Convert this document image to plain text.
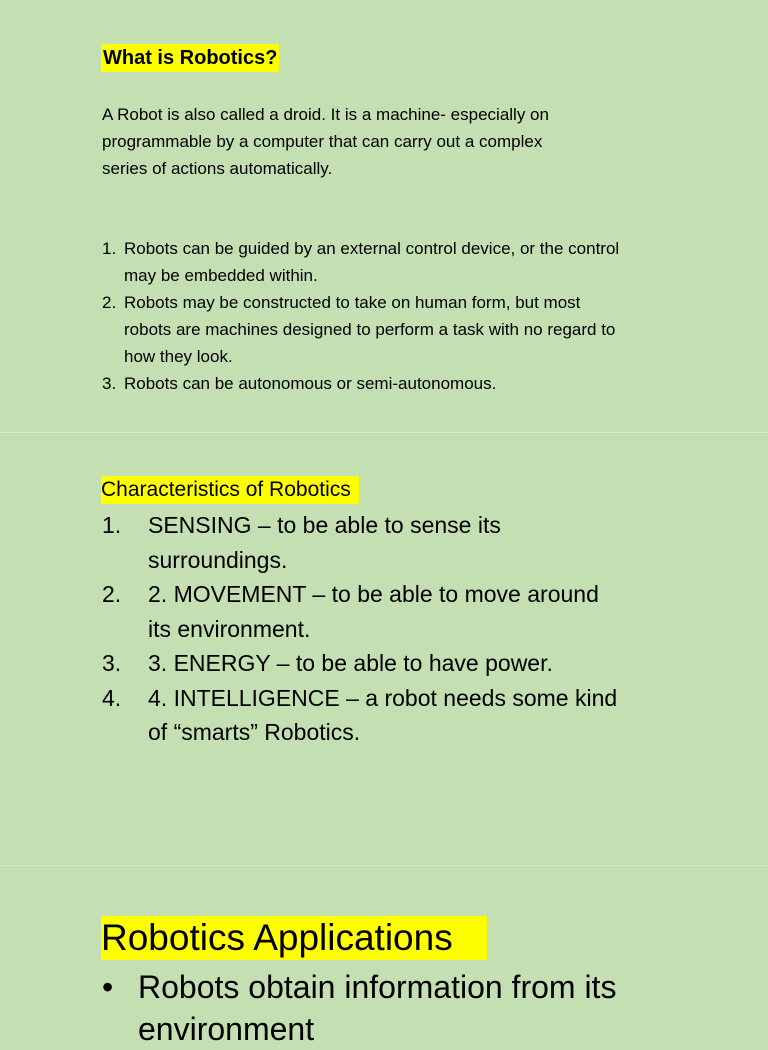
What is Robotics?

A Robot is also called a droid. It is a machine- especially on programmable by a computer that can carry out a complex series of actions automatically.

1. Robots can be guided by an external control device, or the control may be embedded within.
2. Robots may be constructed to take on human form, but most robots are machines designed to perform a task with no regard to how they look.
3. Robots can be autonomous or semi-autonomous.
Characteristics of Robotics
1. SENSING – to be able to sense its surroundings.
2. 2. MOVEMENT – to be able to move around its environment.
3. 3. ENERGY – to be able to have power.
4. 4. INTELLIGENCE – a robot needs some kind of “smarts” Robotics.
Robotics Applications
• Robots obtain information from its environment
